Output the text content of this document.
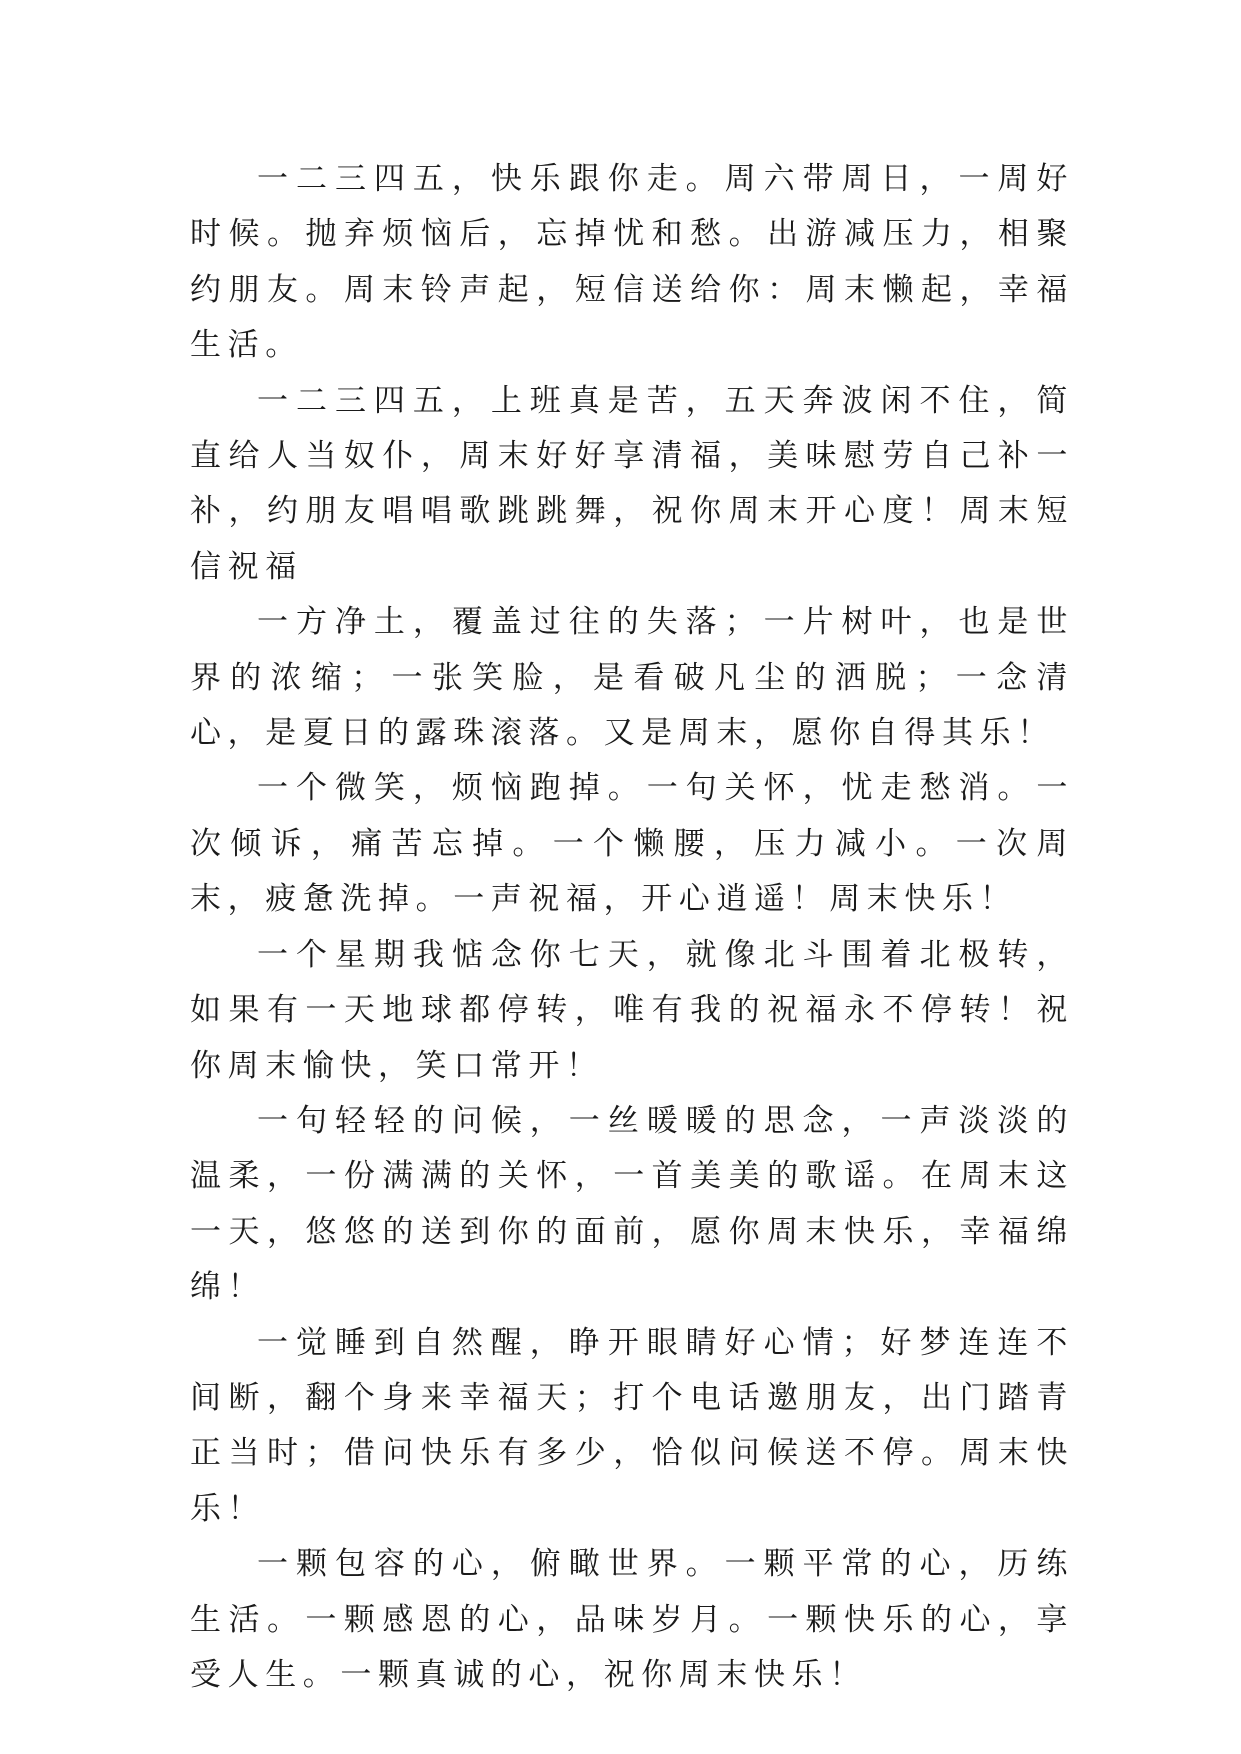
一二三四五，快乐跟你走。周六带周日，一周好时候。抛弃烦恼后，忘掉忧和愁。出游减压力，相聚约朋友。周末铃声起，短信送给你：周末懒起，幸福生活。

一二三四五，上班真是苦，五天奔波闲不住，简直给人当奴仆，周末好好享清福，美味慰劳自己补一补，约朋友唱唱歌跳跳舞，祝你周末开心度！周末短信祝福

一方净土，覆盖过往的失落；一片树叶，也是世界的浓缩；一张笑脸，是看破凡尘的洒脱；一念清心，是夏日的露珠滚落。又是周末，愿你自得其乐！

一个微笑，烦恼跑掉。一句关怀，忧走愁消。一次倾诉，痛苦忘掉。一个懒腰，压力减小。一次周末，疲惫洗掉。一声祝福，开心逍遥！周末快乐！

一个星期我惦念你七天，就像北斗围着北极转，如果有一天地球都停转，唯有我的祝福永不停转！祝你周末愉快，笑口常开！

一句轻轻的问候，一丝暖暖的思念，一声淡淡的温柔，一份满满的关怀，一首美美的歌谣。在周末这一天，悠悠的送到你的面前，愿你周末快乐，幸福绵绵！

一觉睡到自然醒，睁开眼睛好心情；好梦连连不间断，翻个身来幸福天；打个电话邀朋友，出门踏青正当时；借问快乐有多少，恰似问候送不停。周末快乐！

一颗包容的心，俯瞰世界。一颗平常的心，历练生活。一颗感恩的心，品味岁月。一颗快乐的心，享受人生。一颗真诚的心，祝你周末快乐！
